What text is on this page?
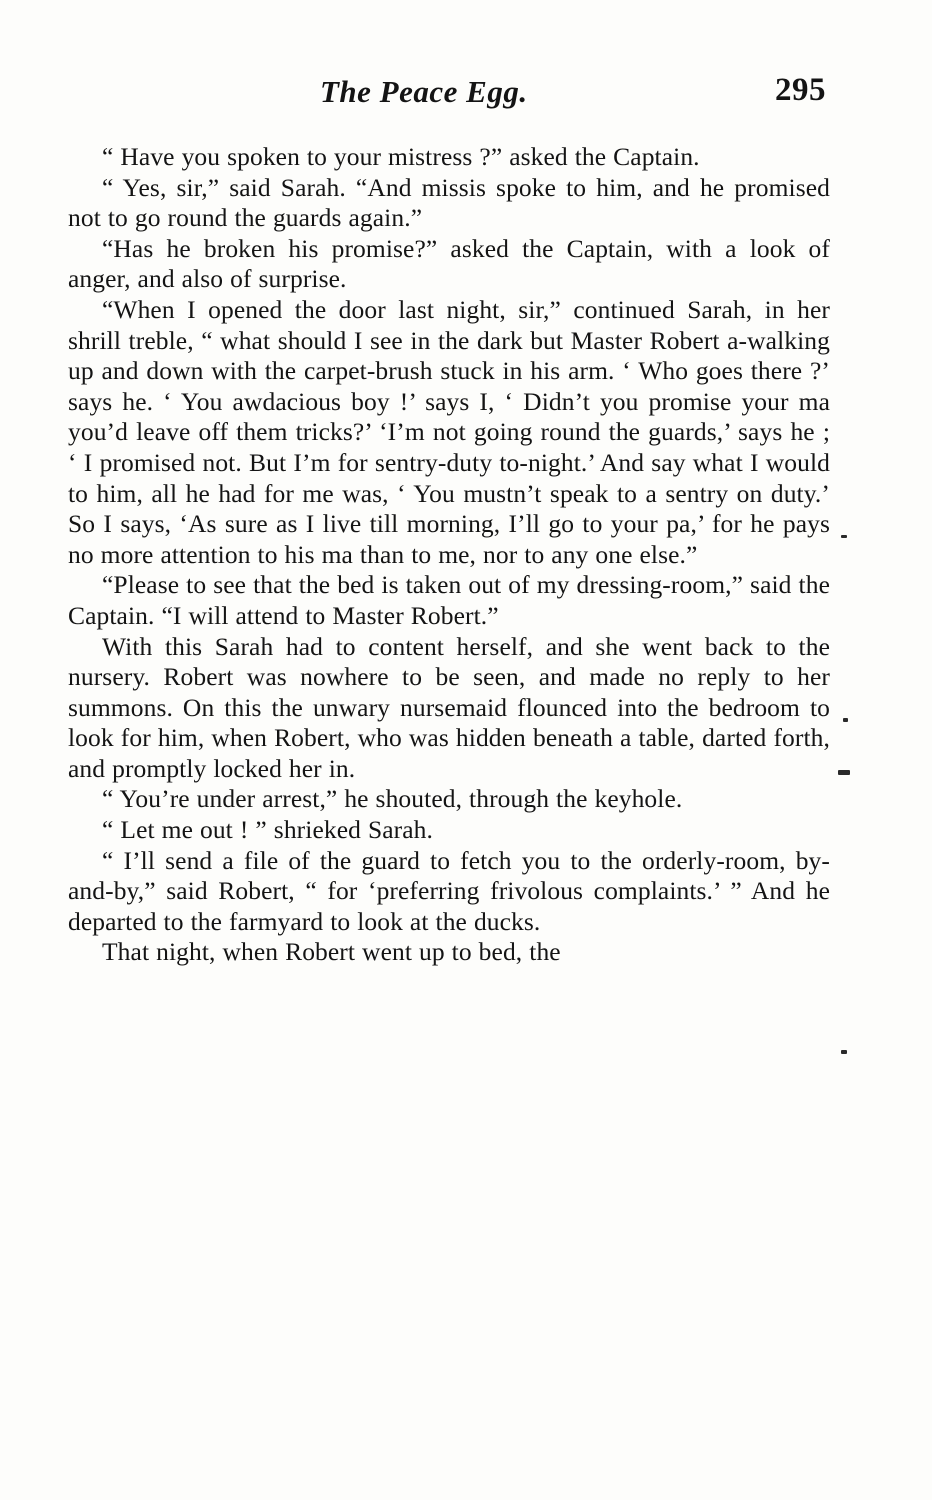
The Peace Egg.	295

“ Have you spoken to your mistress ?” asked the Captain.

“ Yes, sir,” said Sarah. “And missis spoke to him, and he promised not to go round the guards again.”

“Has he broken his promise?” asked the Captain, with a look of anger, and also of surprise.

“When I opened the door last night, sir,” continued Sarah, in her shrill treble, “ what should I see in the dark but Master Robert a-walking up and down with the carpet-brush stuck in his arm. ‘ Who goes there ?’ says he. ‘ You awdacious boy !’ says I, ‘ Didn’t you promise your ma you’d leave off them tricks?’ ‘I’m not going round the guards,’ says he ; ‘ I promised not. But I’m for sentry-duty to-night.’ And say what I would to him, all he had for me was, ‘ You mustn’t speak to a sentry on duty.’ So I says, ‘As sure as I live till morning, I’ll go to your pa,’ for he pays no more attention to his ma than to me, nor to any one else.”

“Please to see that the bed is taken out of my dressing-room,” said the Captain. “I will attend to Master Robert.”

With this Sarah had to content herself, and she went back to the nursery. Robert was nowhere to be seen, and made no reply to her summons. On this the unwary nursemaid flounced into the bedroom to look for him, when Robert, who was hidden beneath a table, darted forth, and promptly locked her in.

“ You’re under arrest,” he shouted, through the keyhole.

“ Let me out ! ” shrieked Sarah.

“ I’ll send a file of the guard to fetch you to the orderly-room, by-and-by,” said Robert, “ for ‘preferring frivolous complaints.’ ” And he departed to the farmyard to look at the ducks.

That night, when Robert went up to bed, the
